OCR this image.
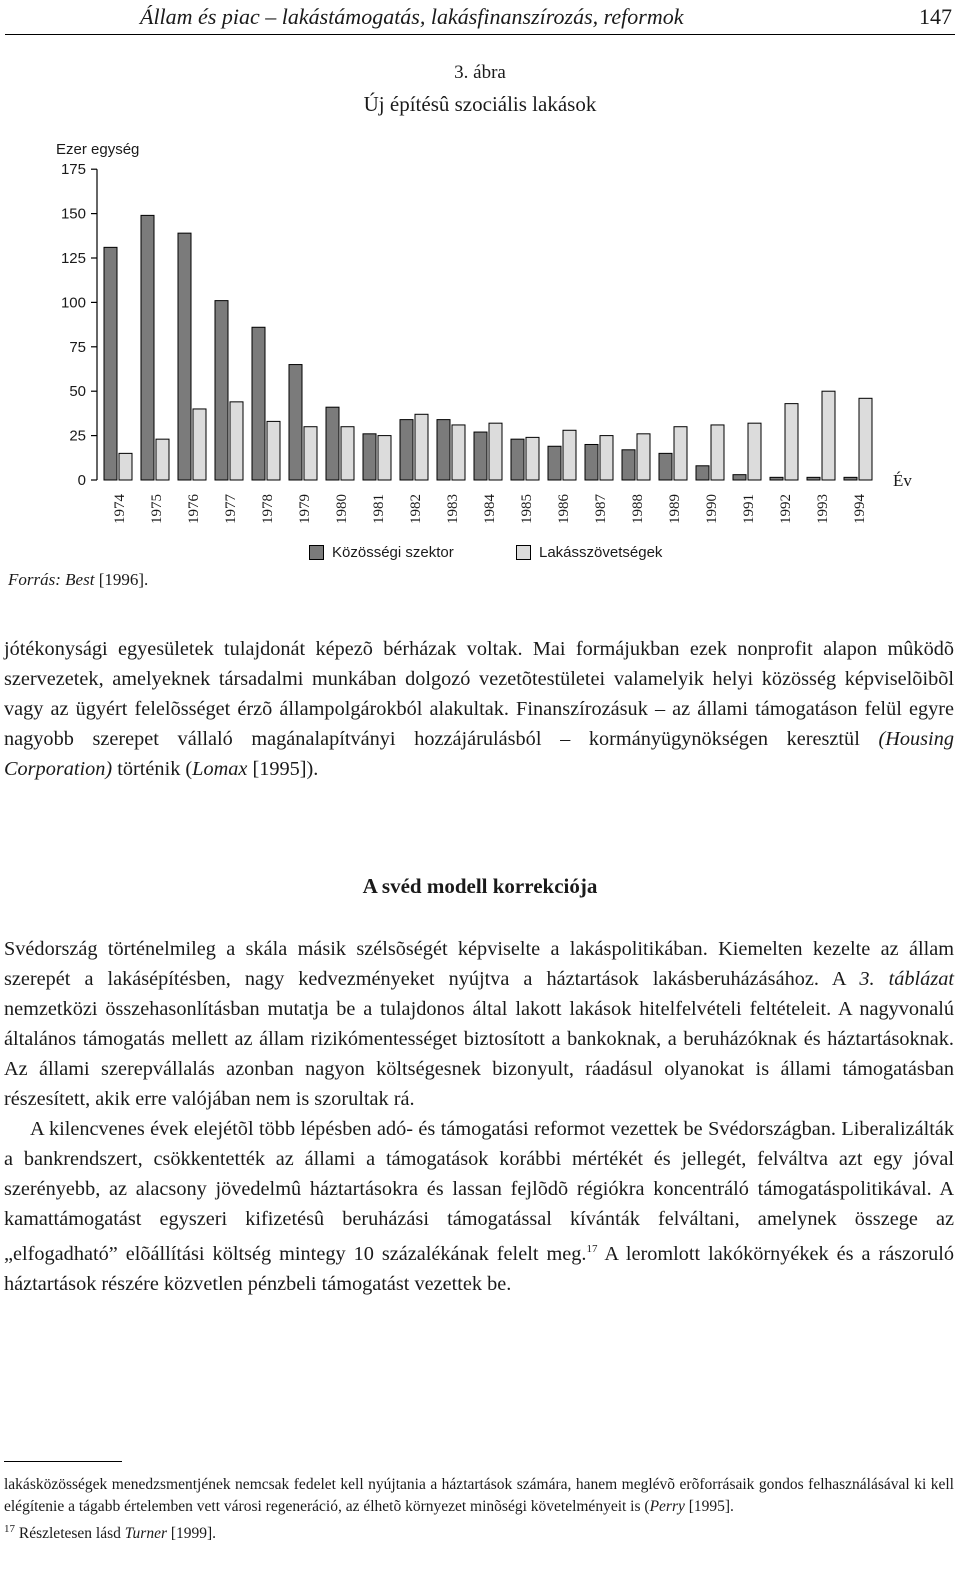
Állam és piac – lakástámogatás, lakásfinanszírozás, reformok	147
3. ábra
Új építésû szociális lakások
Ezer egység
0
25
50
75
100
125
150
175
1974 1975 1976 1977 1978 1979 1980 1981 1982 1983 1984 1985 1986 1987 1988 1989 1990 1991 1992 1993 1994
Év
Közösségi szektor	Lakásszövetségek
Forrás: Best [1996].

jótékonysági egyesületek tulajdonát képezõ bérházak voltak. Mai formájukban ezek nonprofit alapon mûködõ szervezetek, amelyeknek társadalmi munkában dolgozó vezetõtestületei valamelyik helyi közösség képviselõibõl vagy az ügyért felelõsséget érzõ állampolgárokból alakultak. Finanszírozásuk – az állami támogatáson felül egyre nagyobb szerepet vállaló magánalapítványi hozzájárulásból – kormányügynökségen keresztül (Housing Corporation) történik (Lomax [1995]).

A svéd modell korrekciója

Svédország történelmileg a skála másik szélsõségét képviselte a lakáspolitikában. Kiemelten kezelte az állam szerepét a lakásépítésben, nagy kedvezményeket nyújtva a háztartások lakásberuházásához. A 3. táblázat nemzetközi összehasonlításban mutatja be a tulajdonos által lakott lakások hitelfelvételi feltételeit. A nagyvonalú általános támogatás mellett az állam rizikómentességet biztosított a bankoknak, a beruházóknak és háztartásoknak. Az állami szerepvállalás azonban nagyon költségesnek bizonyult, ráadásul olyanokat is állami támogatásban részesített, akik erre valójában nem is szorultak rá.

A kilencvenes évek elejétõl több lépésben adó- és támogatási reformot vezettek be Svédországban. Liberalizálták a bankrendszert, csökkentették az állami a támogatások korábbi mértékét és jellegét, felváltva azt egy jóval szerényebb, az alacsony jövedelmû háztartásokra és lassan fejlõdõ régiókra koncentráló támogatáspolitikával. A kamattámogatást egyszeri kifizetésû beruházási támogatással kívánták felváltani, amelynek összege az „elfogadható” elõállítási költség mintegy 10 százalékának felelt meg.$^{17}$ A leromlott lakókörnyékek és a rászoruló háztartások részére közvetlen pénzbeli támogatást vezettek be.

lakásközösségek menedzsmentjének nemcsak fedelet kell nyújtania a háztartások számára, hanem meglévõ erõforrásaik gondos felhasználásával ki kell elégítenie a tágabb értelemben vett városi regeneráció, az élhetõ környezet minõségi követelményeit is (Perry [1995].

$^{17}$ Részletesen lásd Turner [1999].
